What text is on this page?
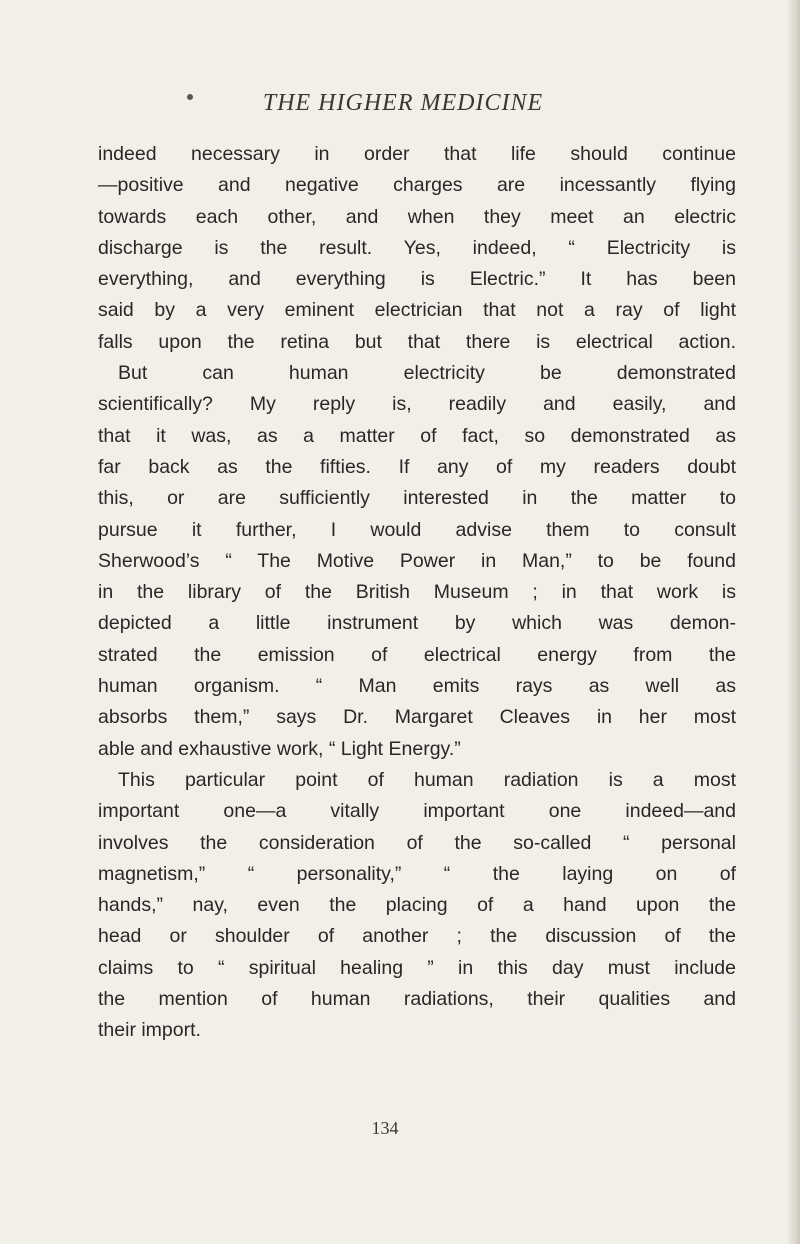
THE HIGHER MEDICINE
indeed necessary in order that life should continue
—positive and negative charges are incessantly flying
towards each other, and when they meet an electric
discharge is the result. Yes, indeed, “ Electricity is
everything, and everything is Electric.” It has been
said by a very eminent electrician that not a ray of light
falls upon the retina but that there is electrical action.
But can human electricity be demonstrated
scientifically? My reply is, readily and easily, and
that it was, as a matter of fact, so demonstrated as
far back as the fifties. If any of my readers doubt
this, or are sufficiently interested in the matter to
pursue it further, I would advise them to consult
Sherwood’s “ The Motive Power in Man,” to be found
in the library of the British Museum ; in that work is
depicted a little instrument by which was demon-
strated the emission of electrical energy from the
human organism. “ Man emits rays as well as
absorbs them,” says Dr. Margaret Cleaves in her most
able and exhaustive work, “ Light Energy.”
This particular point of human radiation is a most
important one—a vitally important one indeed—and
involves the consideration of the so-called “ personal
magnetism,” “ personality,” “ the laying on of
hands,” nay, even the placing of a hand upon the
head or shoulder of another ; the discussion of the
claims to “ spiritual healing ” in this day must include
the mention of human radiations, their qualities and
their import.
134
